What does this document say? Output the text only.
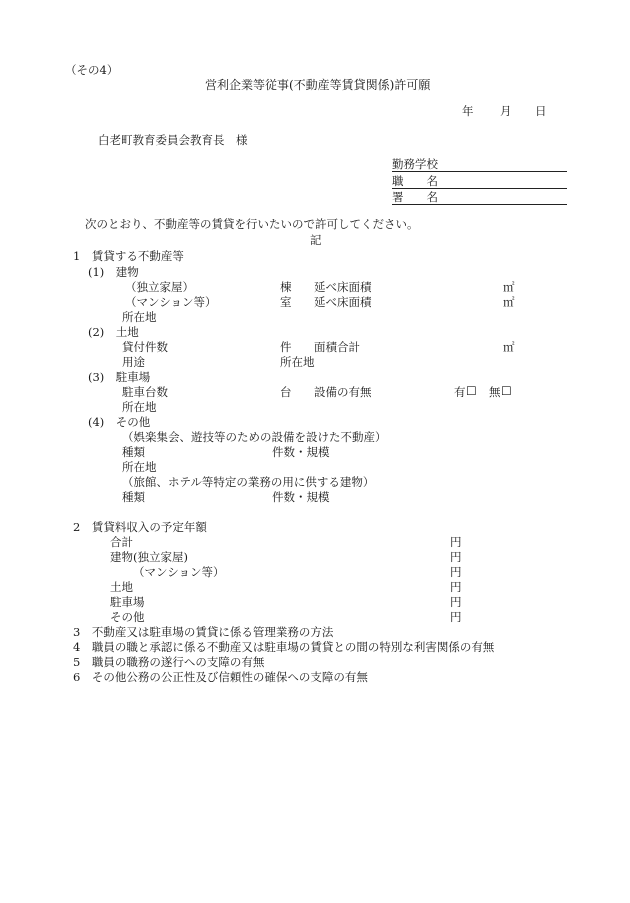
（その4）
営利企業等従事(不動産等賃貸関係)許可願
年 月 日
白老町教育委員会教育長　様
勤務学校
職　　名
署　　名
次のとおり、不動産等の賃貸を行いたいので許可してください。
記
1　賃貸する不動産等
(1)　建物
（独立家屋）	棟 延べ床面積	㎡
（マンション等）	室 延べ床面積	㎡
所在地
(2)　土地
貸付件数	件 面積合計	㎡
用途	所在地
(3)　駐車場
駐車台数	台 設備の有無	有 ☐ 無 ☐
所在地
(4)　その他
（娯楽集会、遊技等のための設備を設けた不動産）
種類	件数・規模
所在地
（旅館、ホテル等特定の業務の用に供する建物）
種類	件数・規模
2　賃貸料収入の予定年額
合計	円
建物(独立家屋)	円
（マンション等）	円
土地	円
駐車場	円
その他	円
3　不動産又は駐車場の賃貸に係る管理業務の方法
4　職員の職と承認に係る不動産又は駐車場の賃貸との間の特別な利害関係の有無
5　職員の職務の遂行への支障の有無
6　その他公務の公正性及び信頼性の確保への支障の有無
